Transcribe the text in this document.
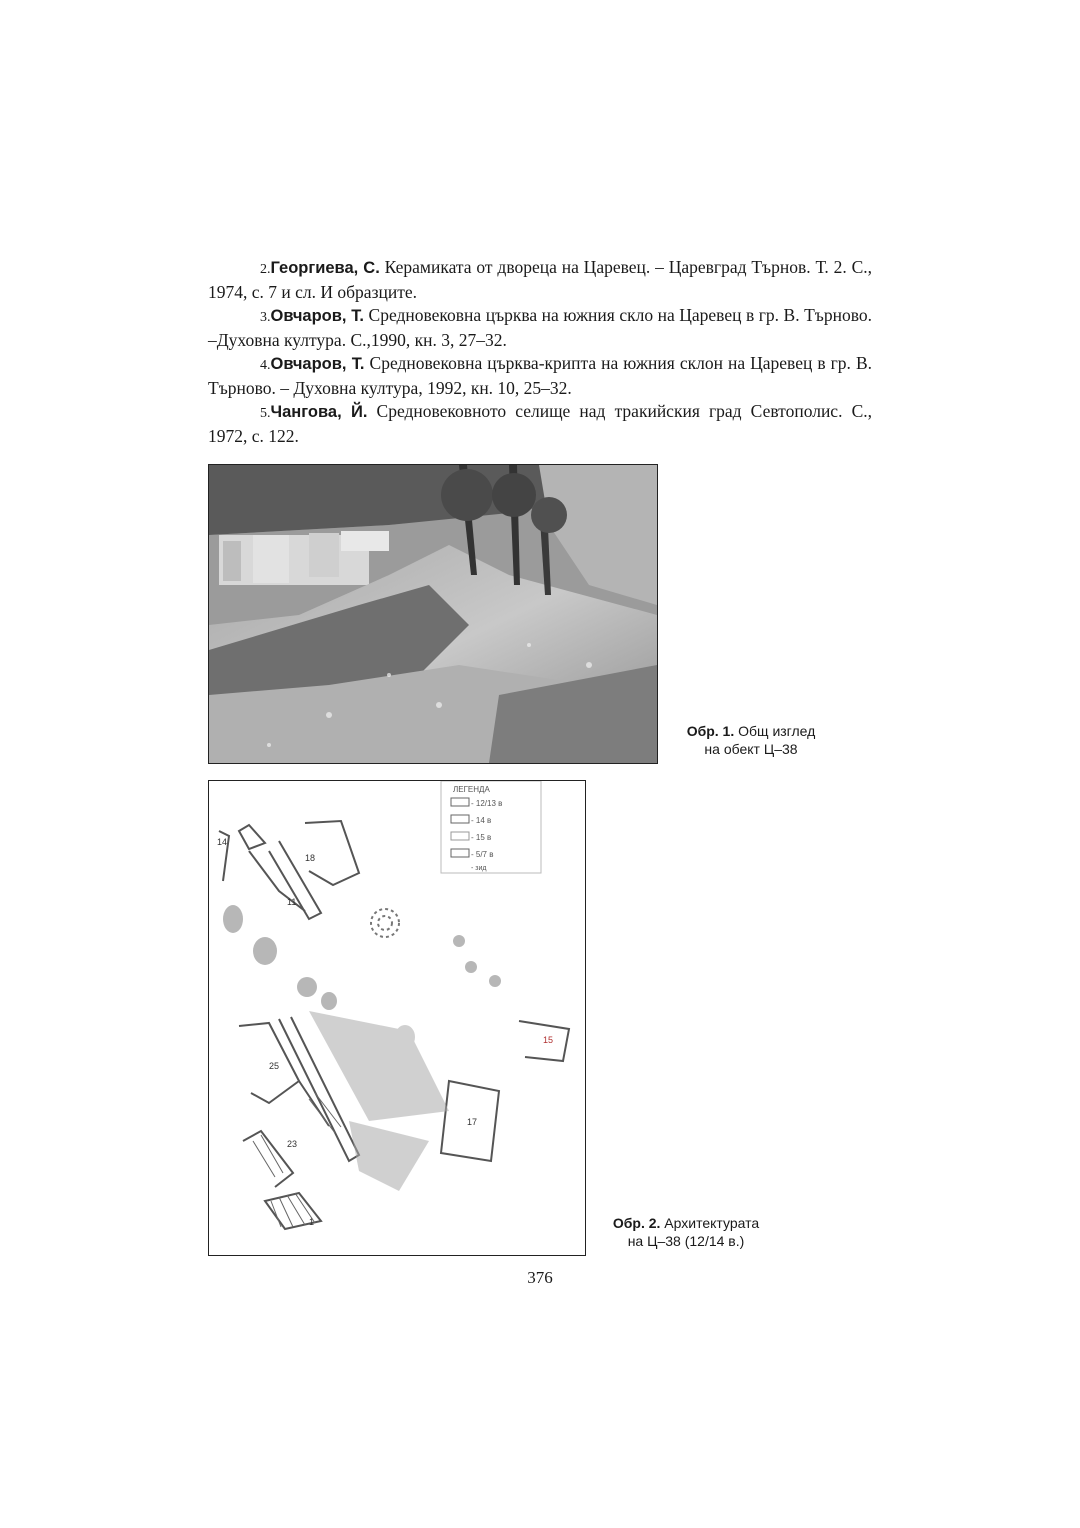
2.Георгиева, С. Керамиката от двореца на Царевец. – Царевград Търнов. Т. 2. С., 1974, с. 7 и сл. И образците.

3.Овчаров, Т. Средновековна църква на южния скло на Царевец в гр. В. Търново. –Духовна култура. С.,1990, кн. 3, 27–32.

4.Овчаров, Т. Средновековна църква-крипта на южния склон на Царевец в гр. В. Търново. – Духовна култура, 1992, кн. 10, 25–32.

5.Чангова, Й. Средновековното селище над тракийския град Севтополис. С., 1972, с. 122.

Обр. 1. Общ изглед
на обект Ц–38
ЛЕГЕНДА
- 12/13 в
- 14 в
- 15 в
- 5/7 в
- зид
18
11
14
25
23
1
17
15
Обр. 2. Архитектурата
на Ц–38 (12/14 в.)
376
